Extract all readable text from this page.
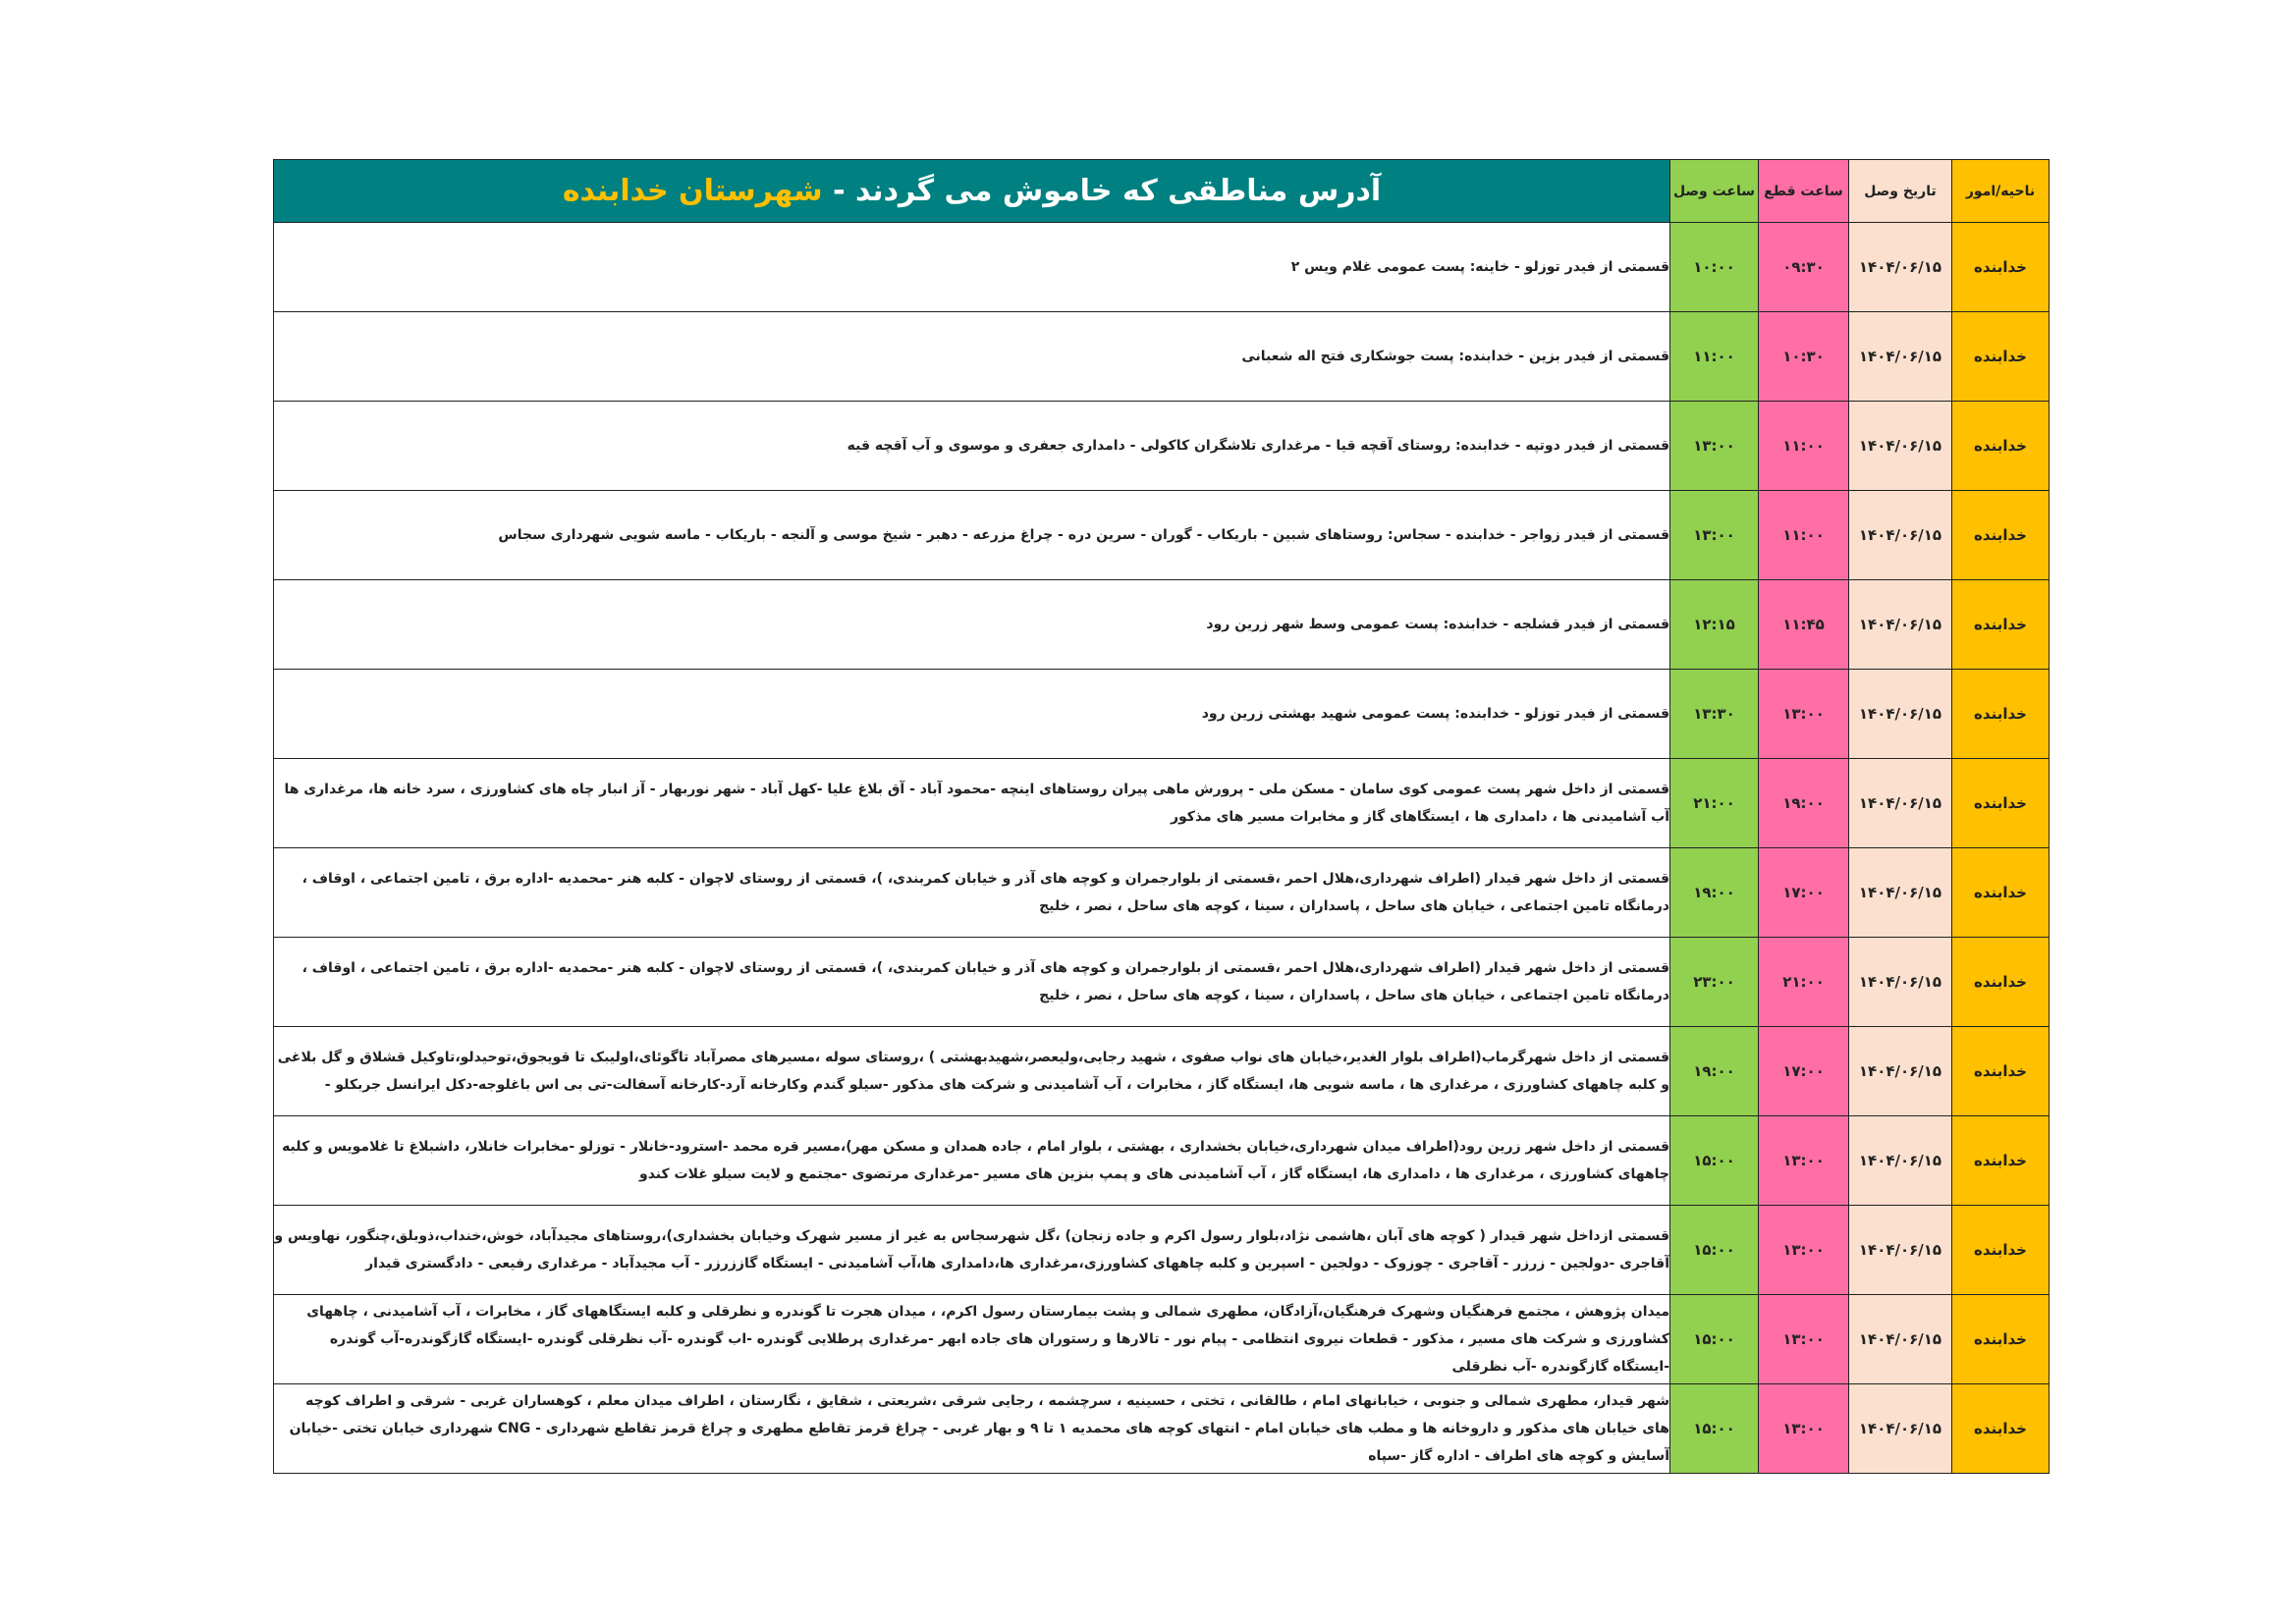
ناحیه/امور	تاریخ وصل	ساعت قطع	ساعت وصل	آدرس مناطقی که خاموش می گردند - شهرستان خدابنده
خدابنده	۱۴۰۴/۰۶/۱۵	۰۹:۳۰	۱۰:۰۰	قسمتی از فیدر توزلو - خاینه: پست عمومی غلام ویس ۲
خدابنده	۱۴۰۴/۰۶/۱۵	۱۰:۳۰	۱۱:۰۰	قسمتی از فیدر بزین - خدابنده: پست جوشکاری فتح اله شعبانی
خدابنده	۱۴۰۴/۰۶/۱۵	۱۱:۰۰	۱۳:۰۰	قسمتی از فیدر دوتپه - خدابنده: روستای آقچه قیا - مرغداری تلاشگران کاکولی - دامداری جعفری و موسوی و آب آقچه قیه
خدابنده	۱۴۰۴/۰۶/۱۵	۱۱:۰۰	۱۳:۰۰	قسمتی از فیدر زواجر - خدابنده - سجاس: روستاهای شبین - باریکاب - گوران - سرین دره - چراغ مزرعه - دهبر - شیخ موسی و آلنجه - باریکاب - ماسه شویی شهرداری سجاس
خدابنده	۱۴۰۴/۰۶/۱۵	۱۱:۴۵	۱۲:۱۵	قسمتی از فیدر قشلجه - خدابنده: پست عمومی وسط شهر زرین رود
خدابنده	۱۴۰۴/۰۶/۱۵	۱۳:۰۰	۱۳:۳۰	قسمتی از فیدر توزلو - خدابنده: پست عمومی شهید بهشتی زرین رود
خدابنده	۱۴۰۴/۰۶/۱۵	۱۹:۰۰	۲۱:۰۰	قسمتی از داخل شهر پست عمومی کوی سامان - مسکن ملی - پرورش ماهی پیران روستاهای اینچه -محمود آباد - آق بلاغ علیا -کهل آباد - شهر نوربهار - آز انبار چاه های کشاورزی ، سرد خانه ها، مرغداری ها آب آشامیدنی ها ، دامداری ها ، ایستگاهای گاز و مخابرات مسیر های مذکور
خدابنده	۱۴۰۴/۰۶/۱۵	۱۷:۰۰	۱۹:۰۰	قسمتی از داخل شهر قیدار (اطراف شهرداری،هلال احمر ،قسمتی از بلوارجمران و کوچه های آذر و خیابان کمربندی، )، قسمتی از روستای لاچوان - کلبه هنر -محمدیه -اداره برق ، تامین اجتماعی ، اوقاف ، درمانگاه تامین اجتماعی ، خیابان های ساحل ، پاسداران ، سینا ، کوچه های ساحل ، نصر ، خلیج
خدابنده	۱۴۰۴/۰۶/۱۵	۲۱:۰۰	۲۳:۰۰	قسمتی از داخل شهر قیدار (اطراف شهرداری،هلال احمر ،قسمتی از بلوارجمران و کوچه های آذر و خیابان کمربندی، )، قسمتی از روستای لاچوان - کلبه هنر -محمدیه -اداره برق ، تامین اجتماعی ، اوقاف ، درمانگاه تامین اجتماعی ، خیابان های ساحل ، پاسداران ، سینا ، کوچه های ساحل ، نصر ، خلیج
خدابنده	۱۴۰۴/۰۶/۱۵	۱۷:۰۰	۱۹:۰۰	قسمتی از داخل شهرگرماب(اطراف بلوار الغدیر،خیابان های نواب صفوی ، شهید رجایی،ولیعصر،شهیدبهشتی ) ،روستای سوله ،مسیرهای مصرآباد تاگوئای،اولیبک تا قویجوق،توحیدلو،تاوکیل قشلاق و گل بلاغی و کلبه چاههای کشاورزی ، مرغداری ها ، ماسه شویی ها، ایستگاه گاز ، مخابرات ، آب آشامیدنی و شرکت های مذکور -سیلو گندم وکارخانه آرد-کارخانه آسفالت-تی بی اس باغلوجه-دکل ایرانسل جربکلو -
خدابنده	۱۴۰۴/۰۶/۱۵	۱۳:۰۰	۱۵:۰۰	قسمتی از داخل شهر زرین رود(اطراف میدان شهرداری،خیابان بخشداری ، بهشتی ، بلوار امام ، جاده همدان و مسکن مهر)،مسیر قره محمد -استرود-خانلار - توزلو -مخابرات خانلار، داشبلاغ تا غلامویس و کلبه چاههای کشاورزی ، مرغداری ها ، دامداری ها، ایستگاه گاز ، آب آشامیدنی های و پمپ بنزین های مسیر -مرغداری مرتضوی -مجتمع و لایت سیلو غلات کندو
خدابنده	۱۴۰۴/۰۶/۱۵	۱۳:۰۰	۱۵:۰۰	قسمتی ازداخل شهر قیدار ( کوچه های آبان ،هاشمی نژاد،بلوار رسول اکرم و جاده زنجان) ،گل شهرسجاس به غیر از مسیر شهرک وخیابان بخشداری)،روستاهای مجیدآباد، خوش،خنداب،ذوبلق،چنگور، نهاویس و آقاجری -دولجین - زرزر - آقاجری - چوزوک - دولجین - اسپرین و کلبه چاههای کشاورزی،مرغداری ها،دامداری ها،آب آشامیدنی - ایستگاه گاززرزر - آب مجیدآباد - مرغداری رفیعی - دادگستری قیدار
خدابنده	۱۴۰۴/۰۶/۱۵	۱۳:۰۰	۱۵:۰۰	میدان پژوهش ، مجتمع فرهنگیان وشهرک فرهنگیان،آزادگان، مطهری شمالی و پشت بیمارستان رسول اکرم، ، میدان هجرت تا گوندره و نظرقلی و کلبه ایستگاههای گاز ، مخابرات ، آب آشامیدنی ، چاههای کشاورزی و شرکت های مسیر ، مذکور - قطعات نیروی انتظامی - پیام نور - تالارها و رستوران های جاده ابهر -مرغداری پرطلایی گوندره -اب گوندره -آب نظرقلی گوندره -ایستگاه گازگوندره-آب گوندره -ایستگاه گازگوندره -آب نظرقلی
خدابنده	۱۴۰۴/۰۶/۱۵	۱۳:۰۰	۱۵:۰۰	شهر قیدار، مطهری شمالی و جنوبی ، خیابانهای امام ، طالقانی ، تختی ، حسینیه ، سرچشمه ، رجایی شرقی ،شریعتی ، شقایق ، نگارستان ، اطراف میدان معلم ، کوهساران غربی - شرقی و اطراف کوچه های خیابان های مذکور و داروخانه ها و مطب های خیابان امام - انتهای کوچه های محمدیه ۱ تا ۹ و بهار غربی - چراغ قرمز تقاطع مطهری و چراغ قرمز تقاطع شهرداری - CNG شهرداری خیابان تختی -خیابان آسایش و کوچه های اطراف - اداره گاز -سپاه
